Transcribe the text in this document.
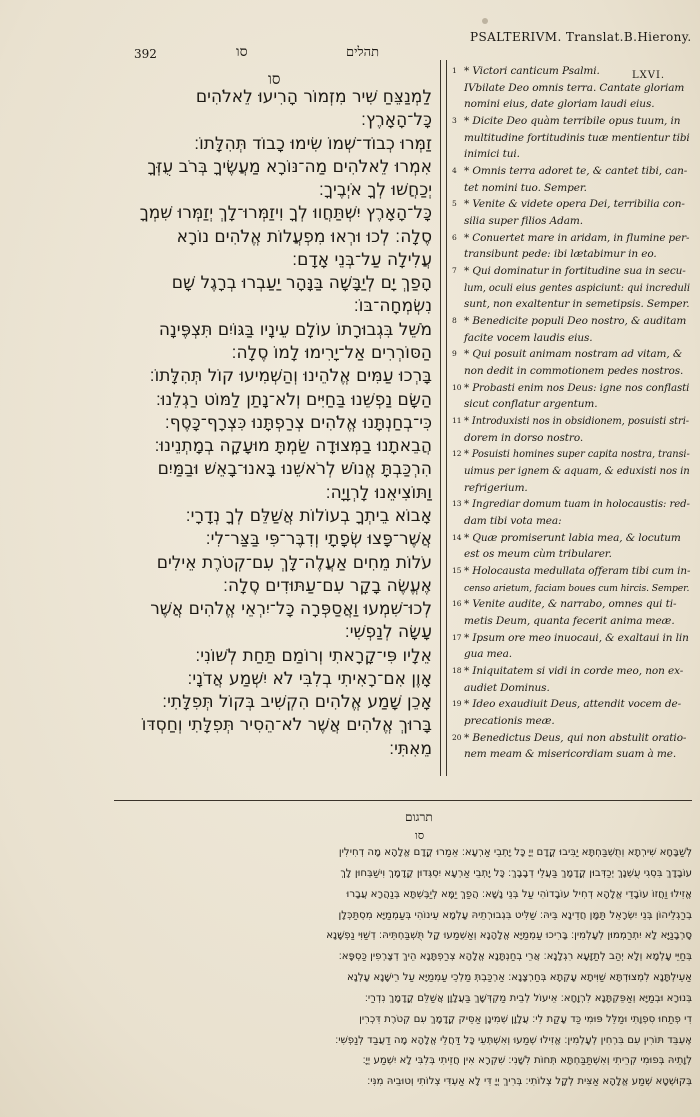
392	סו	תהלים
PSALTERIVM. Translat.B.Hierony.
סו	LXVI.
לַמְנַצֵּחַ שִׁיר מִזְמוֹר הָרִיעוּ לֵאלֹהִים
כָּל־הָאָרֶץ׃
זַמְּרוּ כְבוֹד־שְׁמוֹ שִׂימוּ כָבוֹד תְּהִלָּתוֹ׃
אִמְרוּ לֵאלֹהִים מַה־נּוֹרָא מַעֲשֶׂיךָ בְּרֹב עֻזְּךָ
יְכַחֲשׁוּ לְךָ אֹיְבֶיךָ׃
כָּל־הָאָרֶץ יִשְׁתַּחֲווּ לְךָ וִיזַמְּרוּ־לָךְ יְזַמְּרוּ שִׁמְךָ
סֶלָה׃ לְכוּ וּרְאוּ מִפְעֲלוֹת אֱלֹהִים נוֹרָא
עֲלִילָה עַל־בְּנֵי אָדָם׃
הָפַךְ יָם לְיַבָּשָׁה בַּנָּהָר יַעַבְרוּ בְרָגֶל שָׁם
נִשְׂמְחָה־בּוֹ׃
מֹשֵׁל בִּגְבוּרָתוֹ עוֹלָם עֵינָיו בַּגּוֹיִם תִּצְפֶּינָה
הַסּוֹרְרִים אַל־יָרִימוּ לָמוֹ סֶלָה׃
בָּרְכוּ עַמִּים אֱלֹהֵינוּ וְהַשְׁמִיעוּ קוֹל תְּהִלָּתוֹ׃
הַשָּׂם נַפְשֵׁנוּ בַּחַיִּים וְלֹא־נָתַן לַמּוֹט רַגְלֵנוּ׃
כִּי־בְחַנְתָּנוּ אֱלֹהִים צְרַפְתָּנוּ כִּצְרָף־כָּסֶף׃
הֲבֵאתָנוּ בַמְּצוּדָה שַׂמְתָּ מוּעָקָה בְמָתְנֵינוּ׃
הִרְכַּבְתָּ אֱנוֹשׁ לְרֹאשֵׁנוּ בָּאנוּ־בָאֵשׁ וּבַמַּיִם
וַתּוֹצִיאֵנוּ לָרְוָיָה׃
אָבוֹא בֵיתְךָ בְעוֹלוֹת אֲשַׁלֵּם לְךָ נְדָרָי׃
אֲשֶׁר־פָּצוּ שְׂפָתָי וְדִבֶּר־פִּי בַּצַּר־לִי׃
עֹלוֹת מֵחִים אַעֲלֶה־לָּךְ עִם־קְטֹרֶת אֵילִים
אֶעֱשֶׂה בָקָר עִם־עַתּוּדִים סֶלָה׃
לְכוּ־שִׁמְעוּ וַאֲסַפְּרָה כָּל־יִרְאֵי אֱלֹהִים אֲשֶׁר
עָשָׂה לְנַפְשִׁי׃
אֵלָיו פִּי־קָרָאתִי וְרוֹמַם תַּחַת לְשׁוֹנִי׃
אָוֶן אִם־רָאִיתִי בְלִבִּי לֹא יִשְׁמַע אֲדֹנָי׃
אָכֵן שָׁמַע אֱלֹהִים הִקְשִׁיב בְּקוֹל תְּפִלָּתִי׃
בָּרוּךְ אֱלֹהִים אֲשֶׁר לֹא־הֵסִיר תְּפִלָּתִי וְחַסְדּוֹ
מֵאִתִּי׃
1 * Victori canticum Psalmi.
IVbilate Deo omnis terra. Cantate gloriam
nomini eius, date gloriam laudi eius.
3 * Dicite Deo quàm terribile opus tuum, in
multitudine fortitudinis tuæ mentientur tibi
inimici tui.
4 * Omnis terra adoret te, & cantet tibi, can-
tet nomini tuo. Semper.
5 * Venite & videte opera Dei, terribilia con-
silia super filios Adam.
6 * Conuertet mare in aridam, in flumine per-
transibunt pede: ibi lætabimur in eo.
7 * Qui dominatur in fortitudine sua in secu-
lum, oculi eius gentes aspiciunt: qui increduli
sunt, non exaltentur in semetipsis. Semper.
8 * Benedicite populi Deo nostro, & auditam
facite vocem laudis eius.
9 * Qui posuit animam nostram ad vitam, &
non dedit in commotionem pedes nostros.
10 * Probasti enim nos Deus: igne nos conflasti
sicut conflatur argentum.
11 * Introduxisti nos in obsidionem, posuisti stri-
dorem in dorso nostro.
12 * Posuisti homines super capita nostra, transi-
uimus per ignem & aquam, & eduxisti nos in
refrigerium.
13 * Ingrediar domum tuam in holocaustis: red-
dam tibi vota mea:
14 * Quæ promiserunt labia mea, & locutum
est os meum cùm tribularer.
15 * Holocausta medullata offeram tibi cum in-
censo arietum, faciam boues cum hircis. Semper.
16 * Venite audite, & narrabo, omnes qui ti-
metis Deum, quanta fecerit anima meæ.
17 * Ipsum ore meo inuocaui, & exaltaui in lin
gua mea.
18 * Iniquitatem si vidi in corde meo, non ex-
audiet Dominus.
19 * Ideo exaudiuit Deus, attendit vocem de-
precationis meæ.
20 * Benedictus Deus, qui non abstulit oratio-
nem meam & misericordiam suam à me.
תרגום
סו
לְשַׁבָּחָא שִׁירְתָא וְתֻשְׁבַּחְתָּא יַבִּיבוּ קֳדָם יְיָ כָּל יָתְבֵי אַרְעָא׃ אֵמַרוּ קֳדָם אֱלָהָא מָה דְחִילִין
עוֹבָדָךְ בִּסְגִי עֻשְׁנָךְ יְכַדְּבוּן קֳדָמָךְ בַּעֲלֵי דְבָבָךְ׃ כָּל יָתְבֵי אַרְעָא יִסְגְּדוּן קֳדָמָךְ וִישַׁבְּחוּן לָךְ
אֱזִילוּ וַחֲזוֹ עוֹבָדֵי אֱלָהָא דְחִיל עוֹבָדוֹהִי עַל בְּנֵי נָשָׁא׃ הֲפַךְ יַמָּא לְיַבֶּשְׁתָּא בְּנַהֲרָא עֲבָרוּ
בְרַגְלֵיהוֹן בְּנֵי יִשְׂרָאֵל תַּמָּן חֲדֵינָא בֵּיהּ׃ שַׁלִּיט בִּגְבוּרְתֵיהּ עָלְמָא עֵינוֹהִי בְּעַמְמַיָּא מִסְתַּכְּלָן
סָרְבָנַיָּא לָא יִתְרַמְמוּן לְעָלְמִין׃ בָּרִיכוּ עַמְמַיָּא אֱלָהָנָא וְאַשְׁמַעוּ קָל תֻּשְׁבַּחְתֵּיהּ׃ דְשַׁוִּי נַפְשָׁנָא
בְּחַיֵּי עָלְמָא וְלָא יְהַב לְתַזָּעָא רִגְלָנָא׃ אֲרֵי בְחַנְתָּנָא אֱלָהָא צְרַפְתָּנָא הֵיךְ דְצָרְפִין כַּסְפָּא׃
אַעֵילְתָּנָא לִמְצוּדְתָּא שַׁוִּיתָא עָקְתָא בְּחַרְצָנָא׃ אַרְכַּבְתְּ מַלְכֵי עַמְמַיָּא עַל רֵישָׁנָא עָלְנָא
בְּנוּרָא וּבְמַיָּא וְאַפֵּקְתָּנָא לִרְוָחָא׃ אֵיעוֹל לְבֵית מַקְדְּשָׁךְ בַּעֲלָוָן אֲשַׁלֵּם קֳדָמָךְ נִדְרַי׃
דִי פְתַחוּ סִפְוָתִי וּמַלֵּל פּוּמִי כַּד עָקַת לִי׃ עֲלָוָן שְׁמִינָן אַסֵּיק קֳדָמָךְ עִם קְטֹרֶת דִּכְרִין
אֶעְבֵּד תּוֹרִין עִם בִּרְחִין לְעָלְמִין׃ אֱזִילוּ שְׁמַעוּ וְאִשְׁתְּעֵי כָּל דַּחֲלֵי אֱלָהָא מָה דַעֲבַד לְנַפְשִׁי׃
לְוָתֵיהּ בְּפוּמִי קְרֵיתִי וְאִשְׁתַּבַּחְתָּא תְּחוֹת לִשָּׁנִי׃ שִׁקְרָא אִין חֲזֵיתִי בְּלִבִּי לָא יִשְׁמַע יְיָ׃
בְּקוּשְׁטָא שְׁמַע אֱלָהָא אַצִּית לְקָל צְלוֹתִי׃ בְּרִיךְ יְיָ דִּי לָא אַעְדִּי צְלוֹתִי וְטוּבֵיהּ מִנִּי׃
